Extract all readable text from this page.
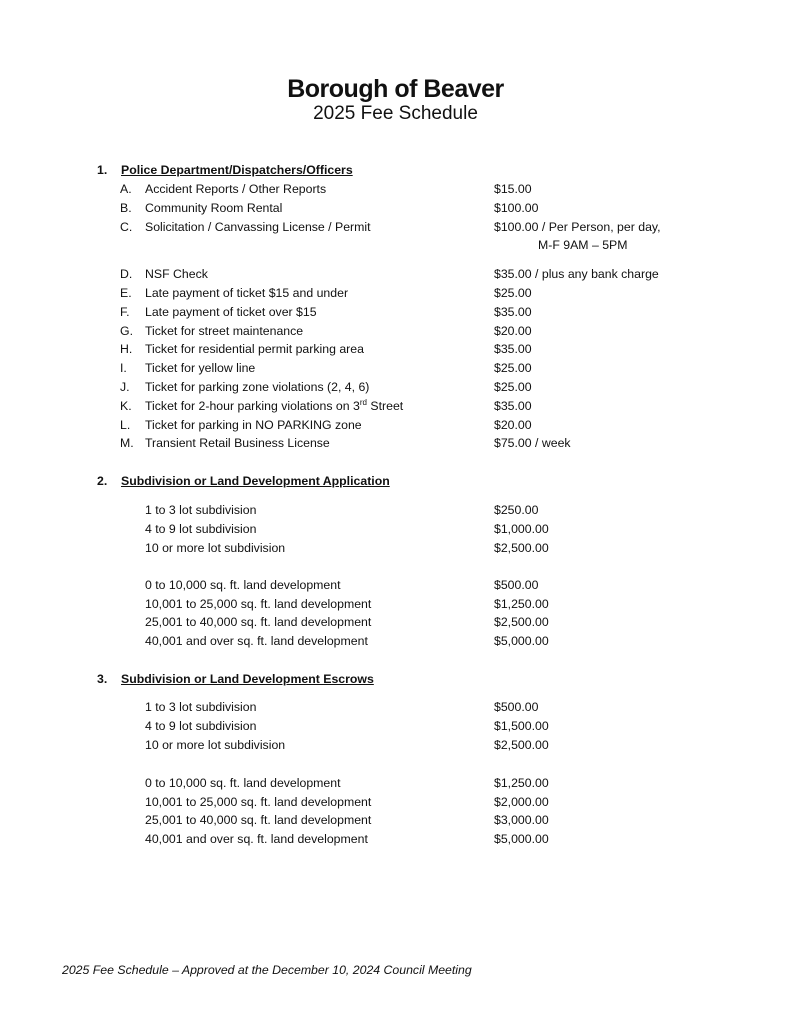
Borough of Beaver
2025 Fee Schedule
1. Police Department/Dispatchers/Officers
A. Accident Reports / Other Reports	$15.00
B. Community Room Rental	$100.00
C. Solicitation / Canvassing License / Permit	$100.00 / Per Person, per day,
M-F 9AM – 5PM
D. NSF Check	$35.00 / plus any bank charge
E. Late payment of ticket $15 and under	$25.00
F. Late payment of ticket over $15	$35.00
G. Ticket for street maintenance	$20.00
H. Ticket for residential permit parking area	$35.00
I. Ticket for yellow line	$25.00
J. Ticket for parking zone violations (2, 4, 6)	$25.00
K. Ticket for 2-hour parking violations on 3rd Street	$35.00
L. Ticket for parking in NO PARKING zone	$20.00
M. Transient Retail Business License	$75.00 / week
2. Subdivision or Land Development Application
1 to 3 lot subdivision	$250.00
4 to 9 lot subdivision	$1,000.00
10 or more lot subdivision	$2,500.00
0 to 10,000 sq. ft. land development	$500.00
10,001 to 25,000 sq. ft. land development	$1,250.00
25,001 to 40,000 sq. ft. land development	$2,500.00
40,001 and over sq. ft. land development	$5,000.00
3. Subdivision or Land Development Escrows
1 to 3 lot subdivision	$500.00
4 to 9 lot subdivision	$1,500.00
10 or more lot subdivision	$2,500.00
0 to 10,000 sq. ft. land development	$1,250.00
10,001 to 25,000 sq. ft. land development	$2,000.00
25,001 to 40,000 sq. ft. land development	$3,000.00
40,001 and over sq. ft. land development	$5,000.00
2025 Fee Schedule – Approved at the December 10, 2024 Council Meeting
